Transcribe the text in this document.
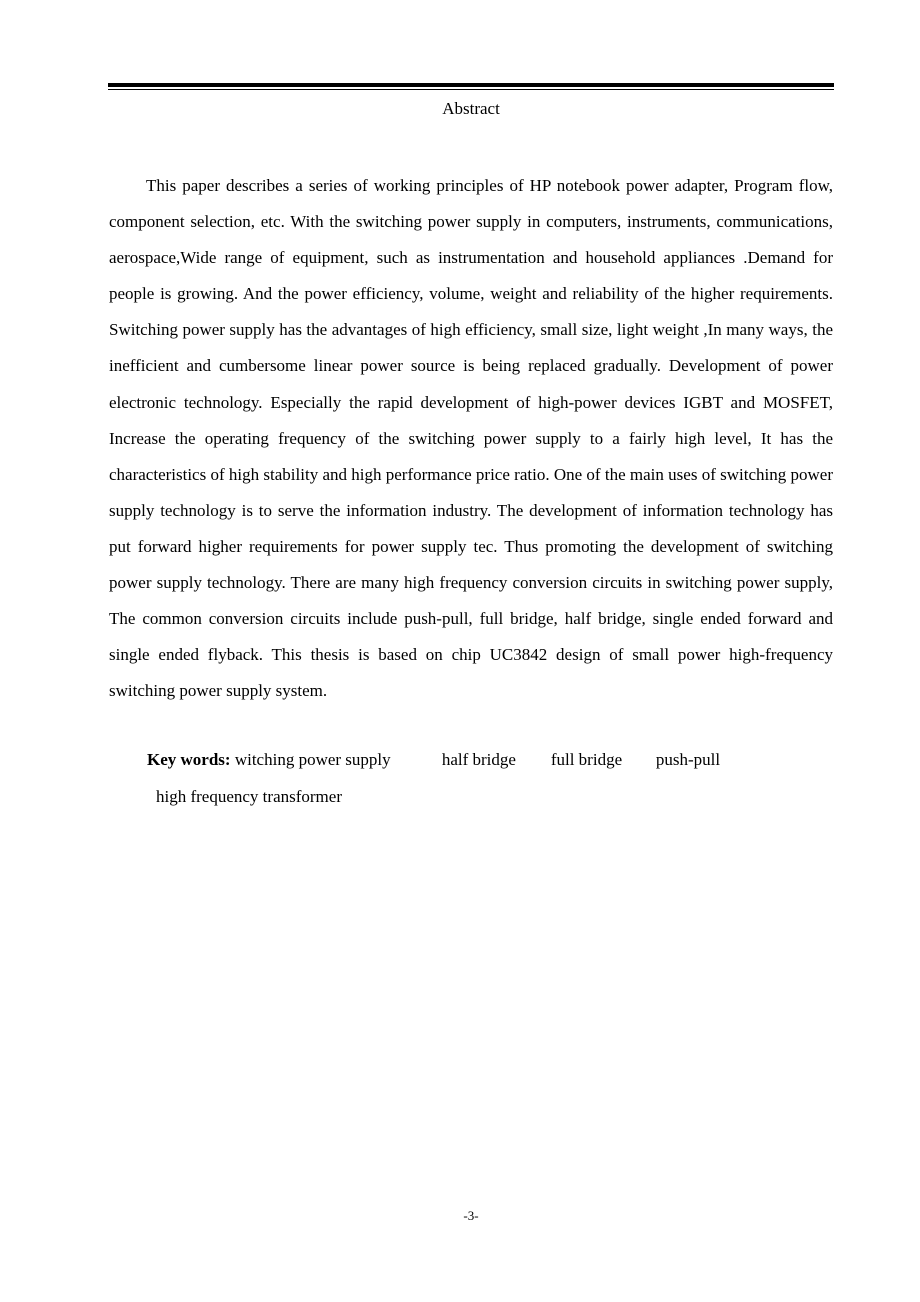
Abstract

This paper describes a series of working principles of HP notebook power adapter, Program flow, component selection, etc. With the switching power supply in computers, instruments, communications, aerospace,Wide range of equipment, such as instrumentation and household appliances .Demand for people is growing. And the power efficiency, volume, weight and reliability of the higher requirements. Switching power supply has the advantages of high efficiency, small size, light weight ,In many ways, the inefficient and cumbersome linear power source is being replaced gradually. Development of power electronic technology. Especially the rapid development of high-power devices IGBT and MOSFET, Increase the operating frequency of the switching power supply to a fairly high level, It has the characteristics of high stability and high performance price ratio. One of the main uses of switching power supply technology is to serve the information industry. The development of information technology has put forward higher requirements for power supply tec. Thus promoting the development of switching power supply technology. There are many high frequency conversion circuits in switching power supply, The common conversion circuits include push-pull, full bridge, half bridge, single ended forward and single ended flyback. This thesis is based on chip UC3842 design of small power high-frequency switching power supply system.

Key words: witching power supply	half bridge full bridge push-pull
high frequency transformer
-3-
